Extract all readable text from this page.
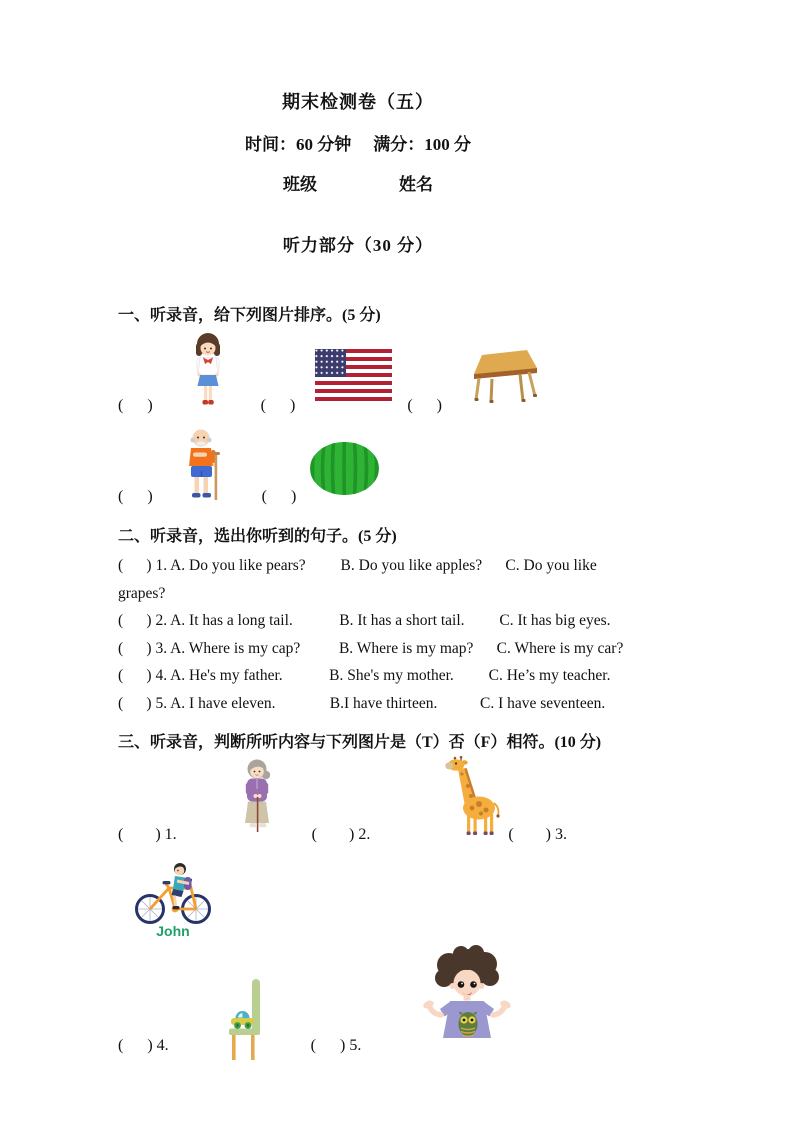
期末检测卷（五）

时间：60 分钟 满分：100 分

班级	姓名

听力部分（30 分）

一、听录音，给下列图片排序。(5 分)

(      )	(      )	(      )
(      )	(      )

二、听录音，选出你听到的句子。(5 分)

(      ) 1. A. Do you like pears?         B. Do you like apples?      C. Do you like

grapes?

(      ) 2. A. It has a long tail.            B. It has a short tail.         C. It has big eyes.

(      ) 3. A. Where is my cap?          B. Where is my map?      C. Where is my car?

(      ) 4. A. He's my father.            B. She's my mother.         C. He’s my teacher.

(      ) 5. A. I have eleven.              B.I have thirteen.           C. I have seventeen.

三、听录音，判断所听内容与下列图片是（T）否（F）相符。(10 分)

(        ) 1.	(        ) 2.	(        ) 3.
John
(      ) 4.	(      ) 5.
